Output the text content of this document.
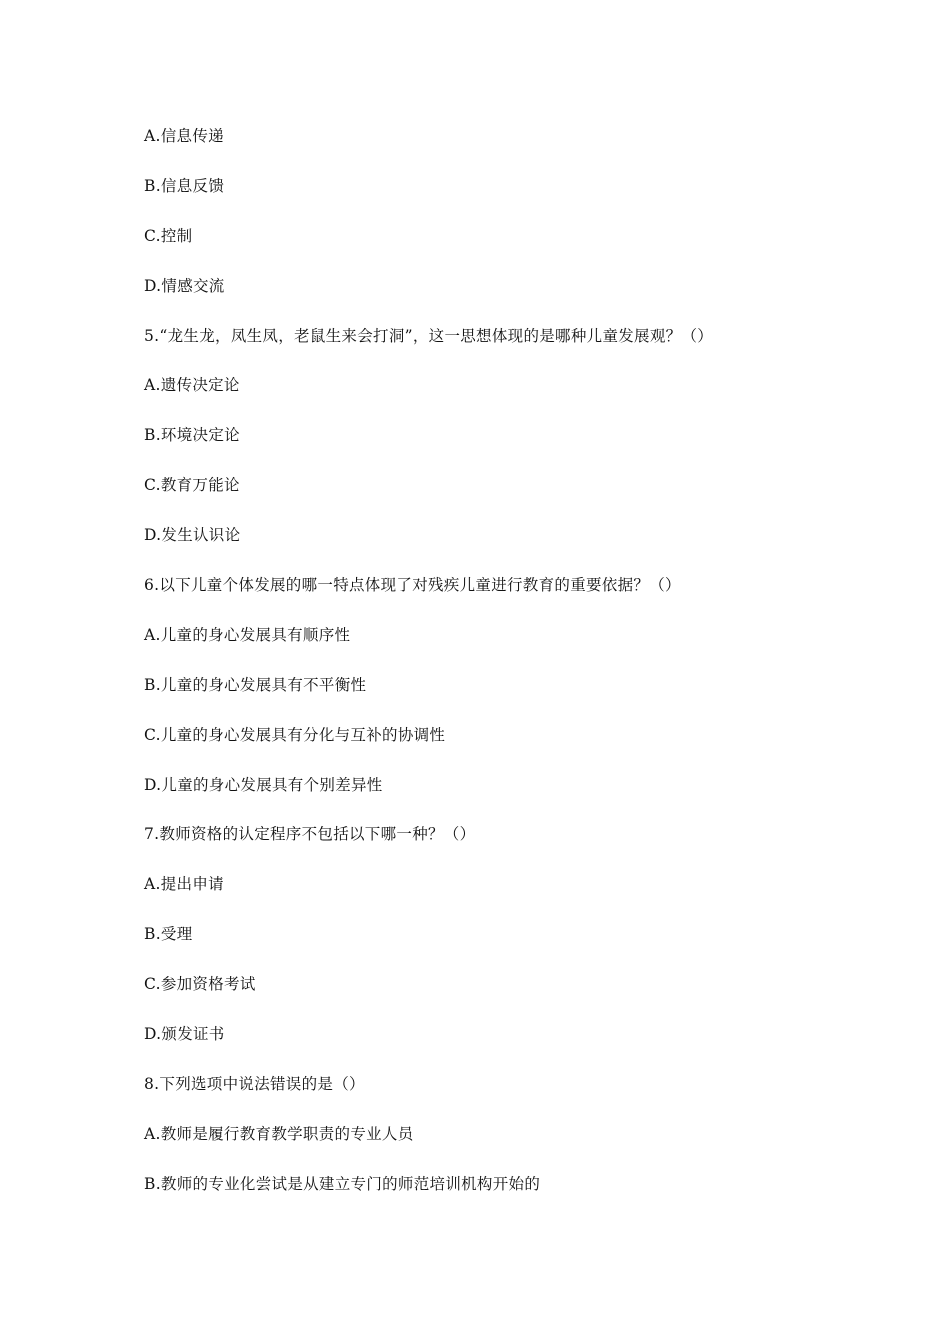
A.信息传递
B.信息反馈
C.控制
D.情感交流
5.“龙生龙，凤生凤，老鼠生来会打洞”，这一思想体现的是哪种儿童发展观？（）
A.遗传决定论
B.环境决定论
C.教育万能论
D.发生认识论
6.以下儿童个体发展的哪一特点体现了对残疾儿童进行教育的重要依据？（）
A.儿童的身心发展具有顺序性
B.儿童的身心发展具有不平衡性
C.儿童的身心发展具有分化与互补的协调性
D.儿童的身心发展具有个别差异性
7.教师资格的认定程序不包括以下哪一种？（）
A.提出申请
B.受理
C.参加资格考试
D.颁发证书
8.下列选项中说法错误的是（）
A.教师是履行教育教学职责的专业人员
B.教师的专业化尝试是从建立专门的师范培训机构开始的
